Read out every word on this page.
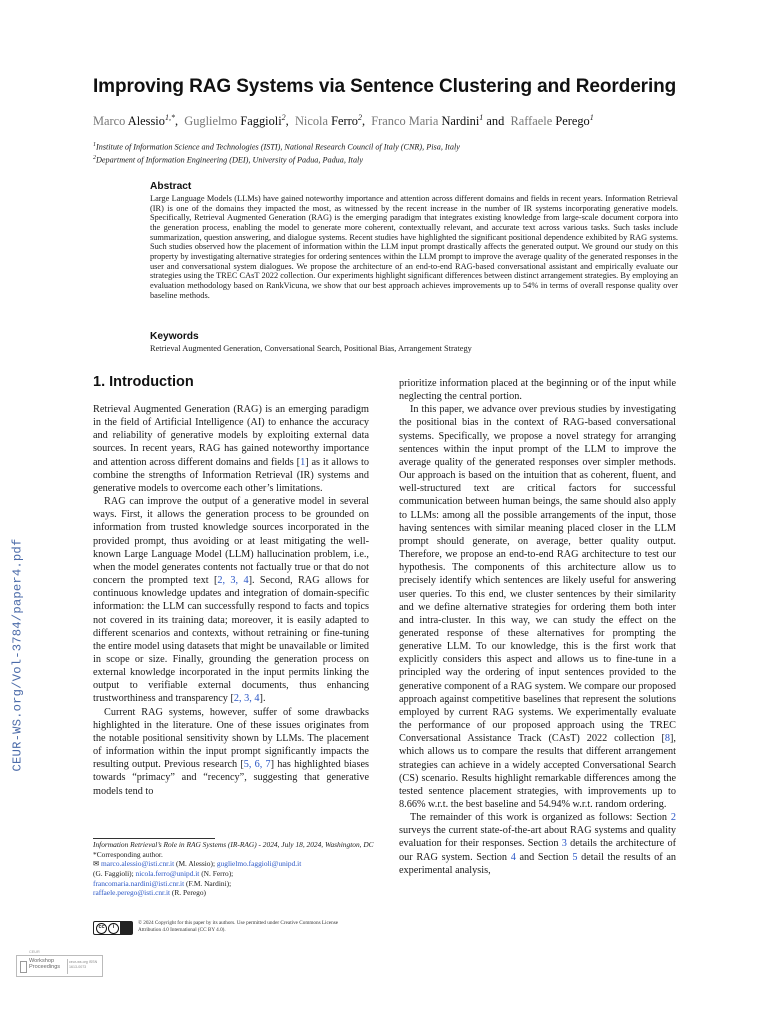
Improving RAG Systems via Sentence Clustering and Reordering
Marco Alessio$^{1,*}$,  Guglielmo Faggioli$^2$,  Nicola Ferro$^2$,  Franco Maria Nardini$^1$ and  Raffaele Perego$^1$
$^1$Institute of Information Science and Technologies (ISTI), National Research Council of Italy (CNR), Pisa, Italy
$^2$Department of Information Engineering (DEI), University of Padua, Padua, Italy
Abstract
Large Language Models (LLMs) have gained noteworthy importance and attention across different domains and fields in recent years. Information Retrieval (IR) is one of the domains they impacted the most, as witnessed by the recent increase in the number of IR systems incorporating generative models. Specifically, Retrieval Augmented Generation (RAG) is the emerging paradigm that integrates existing knowledge from large-scale document corpora into the generation process, enabling the model to generate more coherent, contextually relevant, and accurate text across various tasks. Such tasks include summarization, question answering, and dialogue systems. Recent studies have highlighted the significant positional dependence exhibited by RAG systems. Such studies observed how the placement of information within the LLM input prompt drastically affects the generated output. We ground our study on this property by investigating alternative strategies for ordering sentences within the LLM prompt to improve the average quality of the generated responses in the user and conversational system dialogues. We propose the architecture of an end-to-end RAG-based conversational assistant and empirically evaluate our strategies using the TREC CAsT 2022 collection. Our experiments highlight significant differences between distinct arrangement strategies. By employing an evaluation methodology based on RankVicuna, we show that our best approach achieves improvements up to 54% in terms of overall response quality over baseline methods.
Keywords
Retrieval Augmented Generation, Conversational Search, Positional Bias, Arrangement Strategy
1. Introduction

Retrieval Augmented Generation (RAG) is an emerging paradigm in the field of Artificial Intelligence (AI) to enhance the accuracy and reliability of generative models by exploiting external data sources. In recent years, RAG has gained noteworthy importance and attention across different domains and fields [1] as it allows to combine the strengths of Information Retrieval (IR) systems and generative models to overcome each other’s limitations.

RAG can improve the output of a generative model in several ways. First, it allows the generation process to be grounded on information from trusted knowledge sources incorporated in the provided prompt, thus avoiding or at least mitigating the well-known Large Language Model (LLM) hallucination problem, i.e., when the model generates contents not factually true or that do not concern the prompted text [2, 3, 4]. Second, RAG allows for continuous knowledge updates and integration of domain-specific information: the LLM can successfully respond to facts and topics not covered in its training data; moreover, it is easily adapted to different scenarios and contexts, without retraining or fine-tuning the entire model using datasets that might be unavailable or limited in scope or size. Finally, grounding the generation process on external knowledge incorporated in the input permits linking the output to verifiable external documents, thus enhancing trustworthiness and transparency [2, 3, 4].

Current RAG systems, however, suffer of some drawbacks highlighted in the literature. One of these issues originates from the notable positional sensitivity shown by LLMs. The placement of information within the input prompt significantly impacts the resulting output. Previous research [5, 6, 7] has highlighted biases towards “primacy” and “recency”, suggesting that generative models tend to

prioritize information placed at the beginning or of the input while neglecting the central portion.

In this paper, we advance over previous studies by investigating the positional bias in the context of RAG-based conversational systems. Specifically, we propose a novel strategy for arranging sentences within the input prompt of the LLM to improve the average quality of the generated responses over simpler methods. Our approach is based on the intuition that as coherent, fluent, and well-structured text are critical factors for successful communication between human beings, the same should also apply to LLMs: among all the possible arrangements of the input, those having sentences with similar meaning placed closer in the LLM prompt should generate, on average, better quality output. Therefore, we propose an end-to-end RAG architecture to test our hypothesis. The components of this architecture allow us to precisely identify which sentences are likely useful for answering user queries. To this end, we cluster sentences by their similarity and we define alternative strategies for ordering them both inter and intra-cluster. In this way, we can study the effect on the generated response of these alternatives for prompting the generative LLM. To our knowledge, this is the first work that explicitly considers this aspect and allows us to fine-tune in a principled way the ordering of input sentences provided to the generative component of a RAG system. We compare our proposed approach against competitive baselines that represent the solutions employed by current RAG systems. We experimentally evaluate the performance of our proposed approach using the TREC Conversational Assistance Track (CAsT) 2022 collection [8], which allows us to compare the results that different arrangement strategies can achieve in a widely accepted Conversational Search (CS) scenario. Results highlight remarkable differences among the tested sentence placement strategies, with improvements up to 8.66% w.r.t. the best baseline and 54.94% w.r.t. random ordering.

The remainder of this work is organized as follows: Section 2 surveys the current state-of-the-art about RAG systems and quality evaluation for their responses. Section 3 details the architecture of our RAG system. Section 4 and Section 5 detail the results of an experimental analysis,

Information Retrieval’s Role in RAG Systems (IR-RAG) - 2024, July 18, 2024, Washington, DC
*Corresponding author.
✉ marco.alessio@isti.cnr.it (M. Alessio); guglielmo.faggioli@unipd.it
(G. Faggioli); nicola.ferro@unipd.it (N. Ferro);
francomaria.nardini@isti.cnr.it (F.M. Nardini);
raffaele.perego@isti.cnr.it (R. Perego)
cc	i
© 2024 Copyright for this paper by its authors. Use permitted under Creative Commons License
Attribution 4.0 International (CC BY 4.0).
CEUR-WS.org/Vol-3784/paper4.pdf
CEUR
Workshop
Proceedings
ceur-ws.org ISSN 1613-0073
